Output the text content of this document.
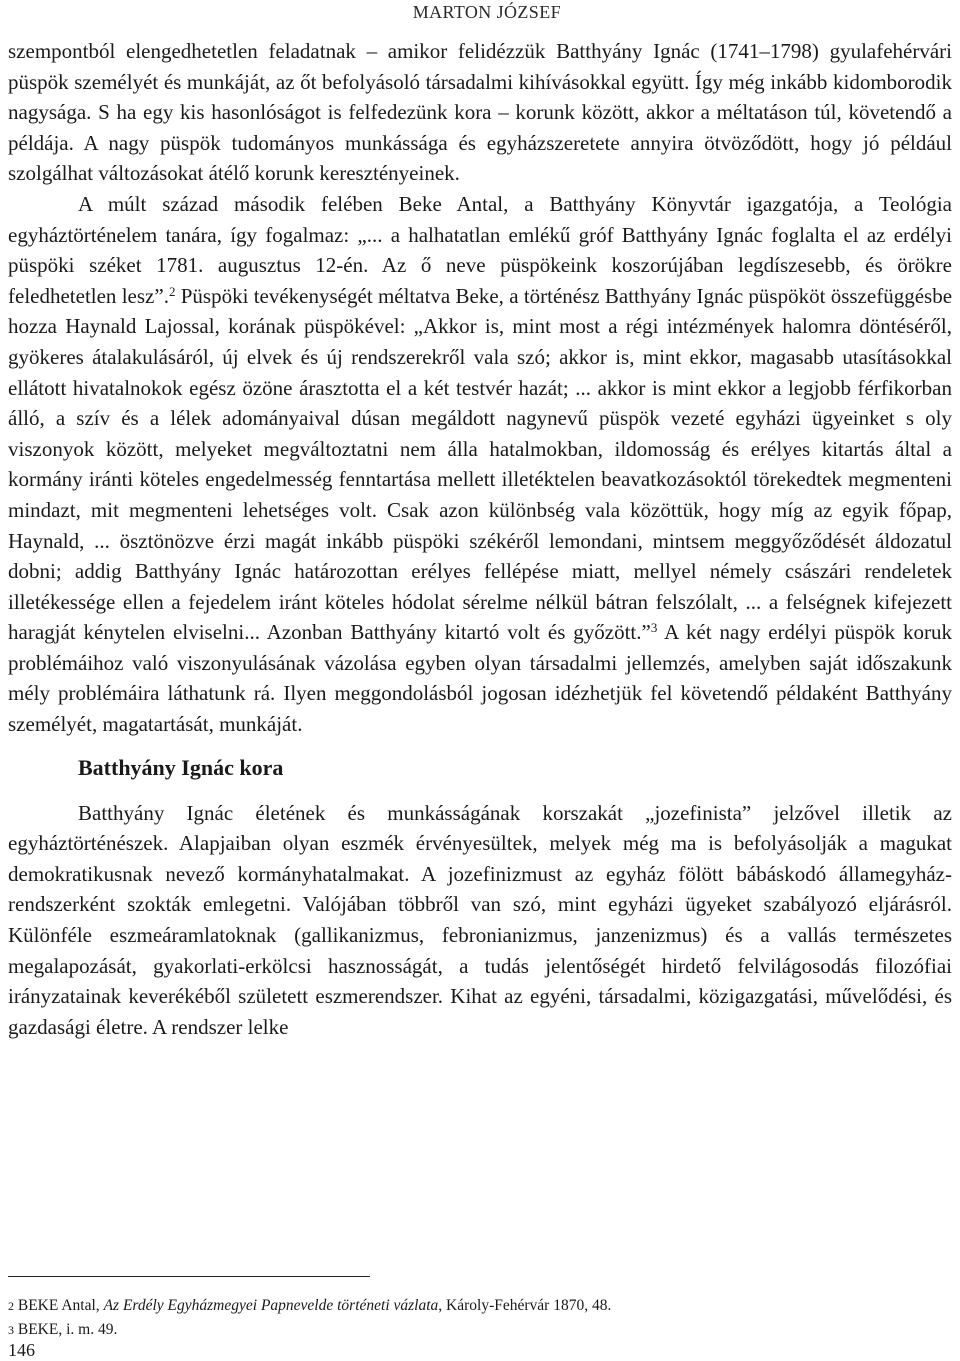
MARTON JÓZSEF

szempontból elengedhetetlen feladatnak – amikor felidézzük Batthyány Ignác (1741–1798) gyulafehérvári püspök személyét és munkáját, az őt befolyásoló társadalmi kihívásokkal együtt. Így még inkább kidomborodik nagysága. S ha egy kis hasonlóságot is felfedezünk kora – korunk között, akkor a méltatáson túl, követendő a példája. A nagy püspök tudományos munkássága és egyházszeretete annyira ötvöződött, hogy jó például szolgálhat változásokat átélő korunk keresztényeinek.

A múlt század második felében Beke Antal, a Batthyány Könyvtár igazgatója, a Teológia egyháztörténelem tanára, így fogalmaz: „... a halhatatlan emlékű gróf Batthyány Ignác foglalta el az erdélyi püspöki széket 1781. augusztus 12-én. Az ő neve püspökeink koszorújában legdíszesebb, és örökre feledhetetlen lesz”.$^2$ Püspöki tevékenységét méltatva Beke, a történész Batthyány Ignác püspököt összefüggésbe hozza Haynald Lajossal, korának püspökével: „Akkor is, mint most a régi intézmények halomra döntéséről, gyökeres átalakulásáról, új elvek és új rendszerekről vala szó; akkor is, mint ekkor, magasabb utasításokkal ellátott hivatalnokok egész özöne árasztotta el a két testvér hazát; ... akkor is mint ekkor a legjobb férfikorban álló, a szív és a lélek adományaival dúsan megáldott nagynevű püspök vezeté egyházi ügyeinket s oly viszonyok között, melyeket megváltoztatni nem álla hatalmokban, ildomosság és erélyes kitartás által a kormány iránti köteles engedelmesség fenntartása mellett illetéktelen beavatkozásoktól törekedtek megmenteni mindazt, mit megmenteni lehetséges volt. Csak azon különbség vala közöttük, hogy míg az egyik főpap, Haynald, ... ösztönözve érzi magát inkább püspöki székéről lemondani, mintsem meggyőződését áldozatul dobni; addig Batthyány Ignác határozottan erélyes fellépése miatt, mellyel némely császári rendeletek illetékessége ellen a fejedelem iránt köteles hódolat sérelme nélkül bátran felszólalt, ... a felségnek kifejezett haragját kénytelen elviselni... Azonban Batthyány kitartó volt és győzött.”$^3$ A két nagy erdélyi püspök koruk problémáihoz való viszonyulásának vázolása egyben olyan társadalmi jellemzés, amelyben saját időszakunk mély problémáira láthatunk rá. Ilyen meggondolásból jogosan idézhetjük fel követendő példaként Batthyány személyét, magatartását, munkáját.

Batthyány Ignác kora

Batthyány Ignác életének és munkásságának korszakát „jozefinista” jelzővel illetik az egyháztörténészek. Alapjaiban olyan eszmék érvényesültek, melyek még ma is befolyásolják a magukat demokratikusnak nevező kormányhatalmakat. A jozefinizmust az egyház fölött bábáskodó államegyház-rendszerként szokták emlegetni. Valójában többről van szó, mint egyházi ügyeket szabályozó eljárásról. Különféle eszmeáramlatoknak (gallikanizmus, febronianizmus, janzenizmus) és a vallás természetes megalapozását, gyakorlati-erkölcsi hasznosságát, a tudás jelentőségét hirdető felvilágosodás filozófiai irányzatainak keverékéből született eszmerendszer. Kihat az egyéni, társadalmi, közigazgatási, művelődési, és gazdasági életre. A rendszer lelke

2 BEKE Antal, Az Erdély Egyházmegyei Papnevelde történeti vázlata, Károly-Fehérvár 1870, 48.

3 BEKE, i. m. 49.

146
